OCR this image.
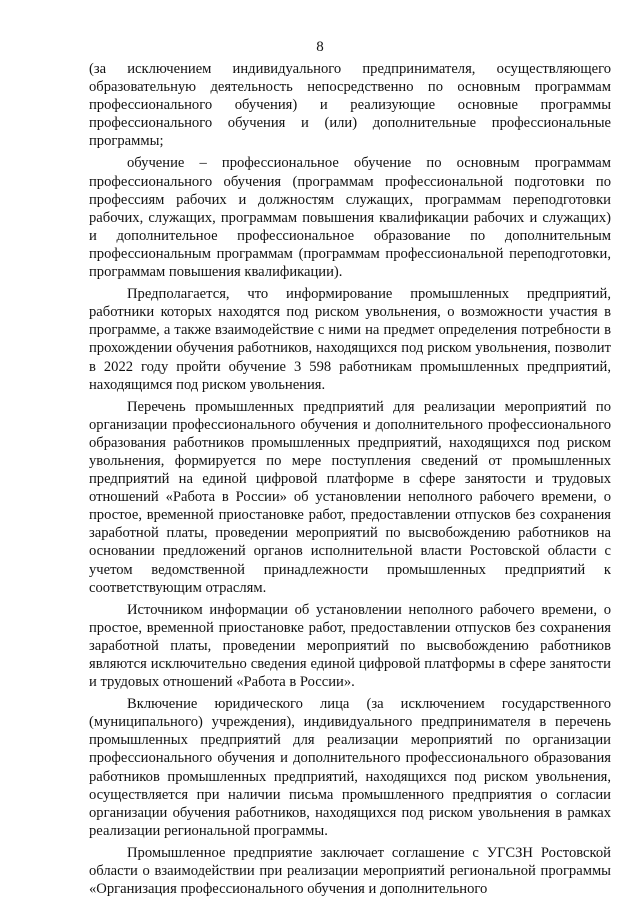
8

(за исключением индивидуального предпринимателя, осуществляющего образовательную деятельность непосредственно по основным программам профессионального обучения) и реализующие основные программы профессионального обучения и (или) дополнительные профессиональные программы;

обучение – профессиональное обучение по основным программам профессионального обучения (программам профессиональной подготовки по профессиям рабочих и должностям служащих, программам переподготовки рабочих, служащих, программам повышения квалификации рабочих и служащих) и дополнительное профессиональное образование по дополнительным профессиональным программам (программам профессиональной переподготовки, программам повышения квалификации).

Предполагается, что информирование промышленных предприятий, работники которых находятся под риском увольнения, о возможности участия в программе, а также взаимодействие с ними на предмет определения потребности в прохождении обучения работников, находящихся под риском увольнения, позволит в 2022 году пройти обучение 3 598 работникам промышленных предприятий, находящимся под риском увольнения.

Перечень промышленных предприятий для реализации мероприятий по организации профессионального обучения и дополнительного профессионального образования работников промышленных предприятий, находящихся под риском увольнения, формируется по мере поступления сведений от промышленных предприятий на единой цифровой платформе в сфере занятости и трудовых отношений «Работа в России» об установлении неполного рабочего времени, о простое, временной приостановке работ, предоставлении отпусков без сохранения заработной платы, проведении мероприятий по высвобождению работников на основании предложений органов исполнительной власти Ростовской области с учетом ведомственной принадлежности промышленных предприятий к соответствующим отраслям.

Источником информации об установлении неполного рабочего времени, о простое, временной приостановке работ, предоставлении отпусков без сохранения заработной платы, проведении мероприятий по высвобождению работников являются исключительно сведения единой цифровой платформы в сфере занятости и трудовых отношений «Работа в России».

Включение юридического лица (за исключением государственного (муниципального) учреждения), индивидуального предпринимателя в перечень промышленных предприятий для реализации мероприятий по организации профессионального обучения и дополнительного профессионального образования работников промышленных предприятий, находящихся под риском увольнения, осуществляется при наличии письма промышленного предприятия о согласии организации обучения работников, находящихся под риском увольнения в рамках реализации региональной программы.

Промышленное предприятие заключает соглашение с УГСЗН Ростовской области о взаимодействии при реализации мероприятий региональной программы «Организация профессионального обучения и дополнительного
